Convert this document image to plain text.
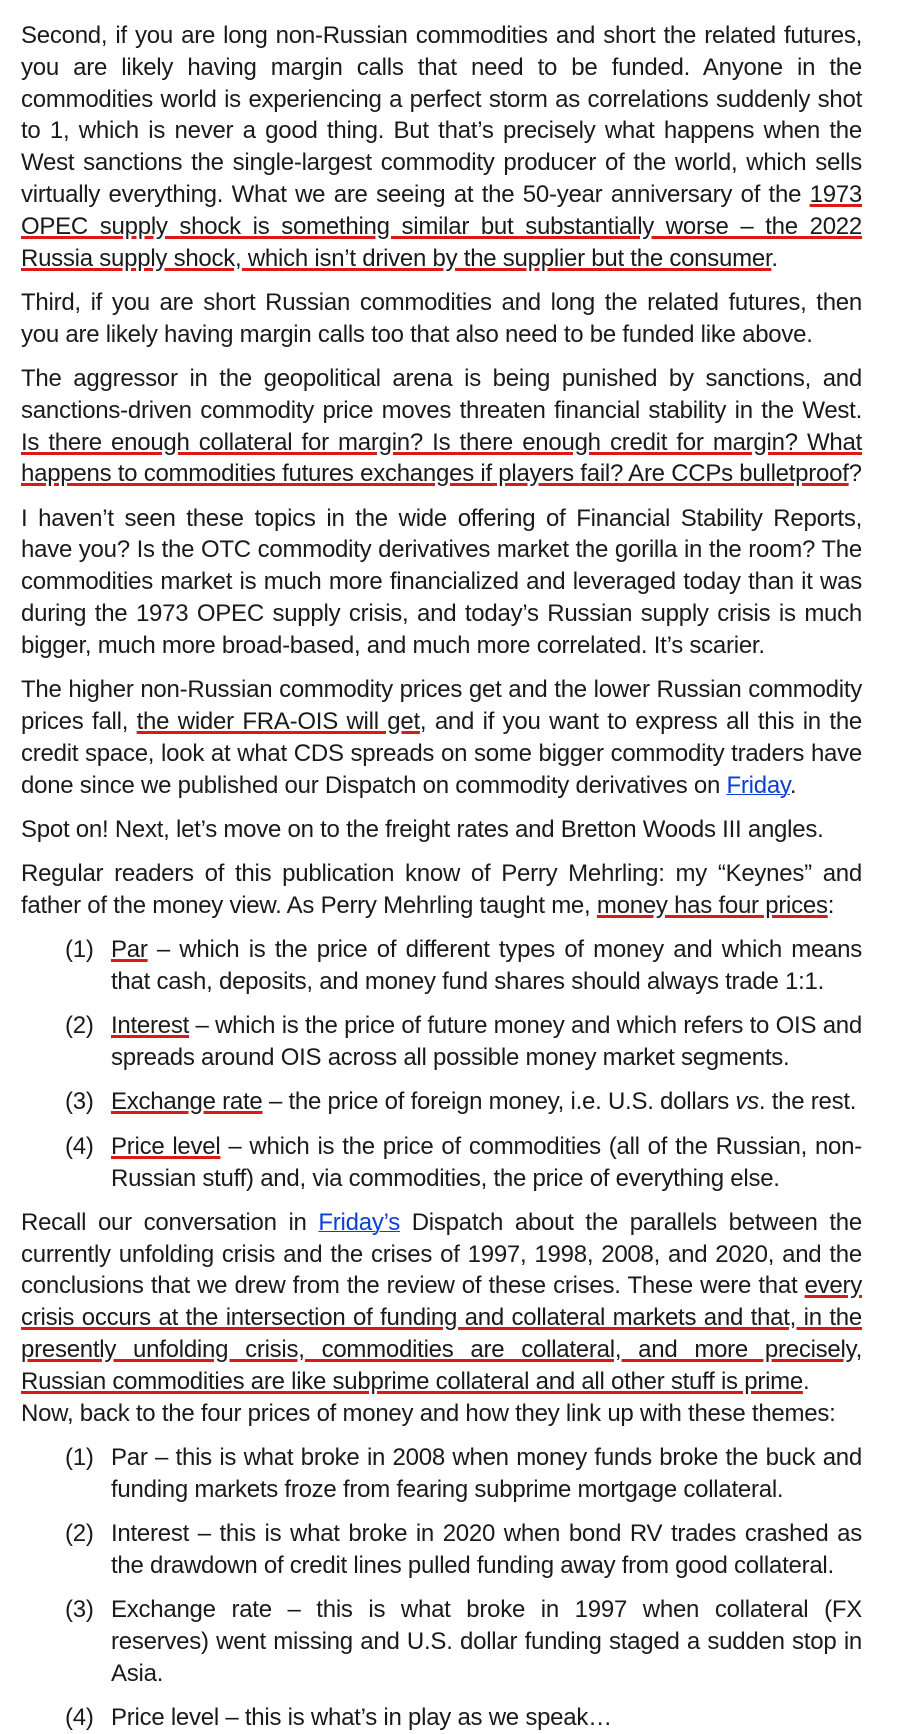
Second, if you are long non-Russian commodities and short the related futures, you are likely having margin calls that need to be funded. Anyone in the commodities world is experiencing a perfect storm as correlations suddenly shot to 1, which is never a good thing. But that’s precisely what happens when the West sanctions the single-largest commodity producer of the world, which sells virtually everything. What we are seeing at the 50-year anniversary of the 1973 OPEC supply shock is something similar but substantially worse – the 2022 Russia supply shock, which isn’t driven by the supplier but the consumer.

Third, if you are short Russian commodities and long the related futures, then you are likely having margin calls too that also need to be funded like above.

The aggressor in the geopolitical arena is being punished by sanctions, and sanctions-driven commodity price moves threaten financial stability in the West. Is there enough collateral for margin? Is there enough credit for margin? What happens to commodities futures exchanges if players fail? Are CCPs bulletproof?

I haven’t seen these topics in the wide offering of Financial Stability Reports, have you? Is the OTC commodity derivatives market the gorilla in the room? The commodities market is much more financialized and leveraged today than it was during the 1973 OPEC supply crisis, and today’s Russian supply crisis is much bigger, much more broad-based, and much more correlated. It’s scarier.

The higher non-Russian commodity prices get and the lower Russian commodity prices fall, the wider FRA-OIS will get, and if you want to express all this in the credit space, look at what CDS spreads on some bigger commodity traders have done since we published our Dispatch on commodity derivatives on Friday.

Spot on! Next, let’s move on to the freight rates and Bretton Woods III angles.

Regular readers of this publication know of Perry Mehrling: my “Keynes” and father of the money view. As Perry Mehrling taught me, money has four prices:

(1) Par – which is the price of different types of money and which means that cash, deposits, and money fund shares should always trade 1:1.
(2) Interest – which is the price of future money and which refers to OIS and spreads around OIS across all possible money market segments.
(3) Exchange rate – the price of foreign money, i.e. U.S. dollars vs. the rest.
(4) Price level – which is the price of commodities (all of the Russian, non-Russian stuff) and, via commodities, the price of everything else.

Recall our conversation in Friday’s Dispatch about the parallels between the currently unfolding crisis and the crises of 1997, 1998, 2008, and 2020, and the conclusions that we drew from the review of these crises. These were that every crisis occurs at the intersection of funding and collateral markets and that, in the presently unfolding crisis, commodities are collateral, and more precisely, Russian commodities are like subprime collateral and all other stuff is prime.

Now, back to the four prices of money and how they link up with these themes:

(1) Par – this is what broke in 2008 when money funds broke the buck and funding markets froze from fearing subprime mortgage collateral.
(2) Interest – this is what broke in 2020 when bond RV trades crashed as the drawdown of credit lines pulled funding away from good collateral.
(3) Exchange rate – this is what broke in 1997 when collateral (FX reserves) went missing and U.S. dollar funding staged a sudden stop in Asia.
(4) Price level – this is what’s in play as we speak…
